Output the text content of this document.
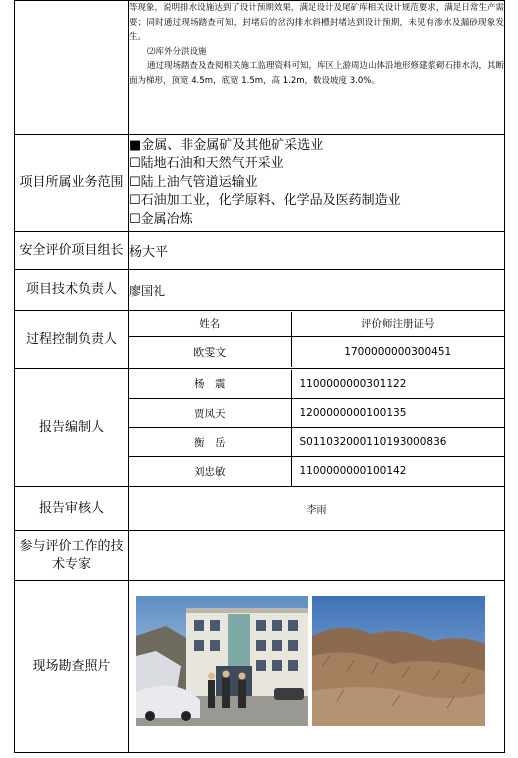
等现象，说明排水设施达到了设计预期效果，满足设计及尾矿库相关设计规范要求，满足日常生产需要；同时通过现场踏查可知，封堵后的岔沟排水斜槽封堵达到设计预期，未见有渗水及漏砂现象发生。

⑵库外分洪设施

通过现场踏查及查阅相关施工监理资料可知，库区上游周边山体沿地形修建浆砌石排水沟，其断面为梯形，顶宽 4.5m，底宽 1.5m，高 1.2m，数设坡度 3.0%。

项目所属业务范围	
■金属、非金属矿及其他矿采选业
☐陆地石油和天然气开采业
☐陆上油气管道运输业
☐石油加工业，化学原料、化学品及医药制造业
☐金属冶炼

安全评价项目组长	杨大平
项目技术负责人	廖国礼
过程控制负责人	
姓名	评价师注册证号
欧雯文	1700000000300451

报告编制人	
杨　震	1100000000301122
贾凤天	1200000000100135
衡　岳	S011032000110193000836
刘忠敏	1100000000100142

报告审核人	李雨
参与评价工作的技术专家	
现场勘查照片	
